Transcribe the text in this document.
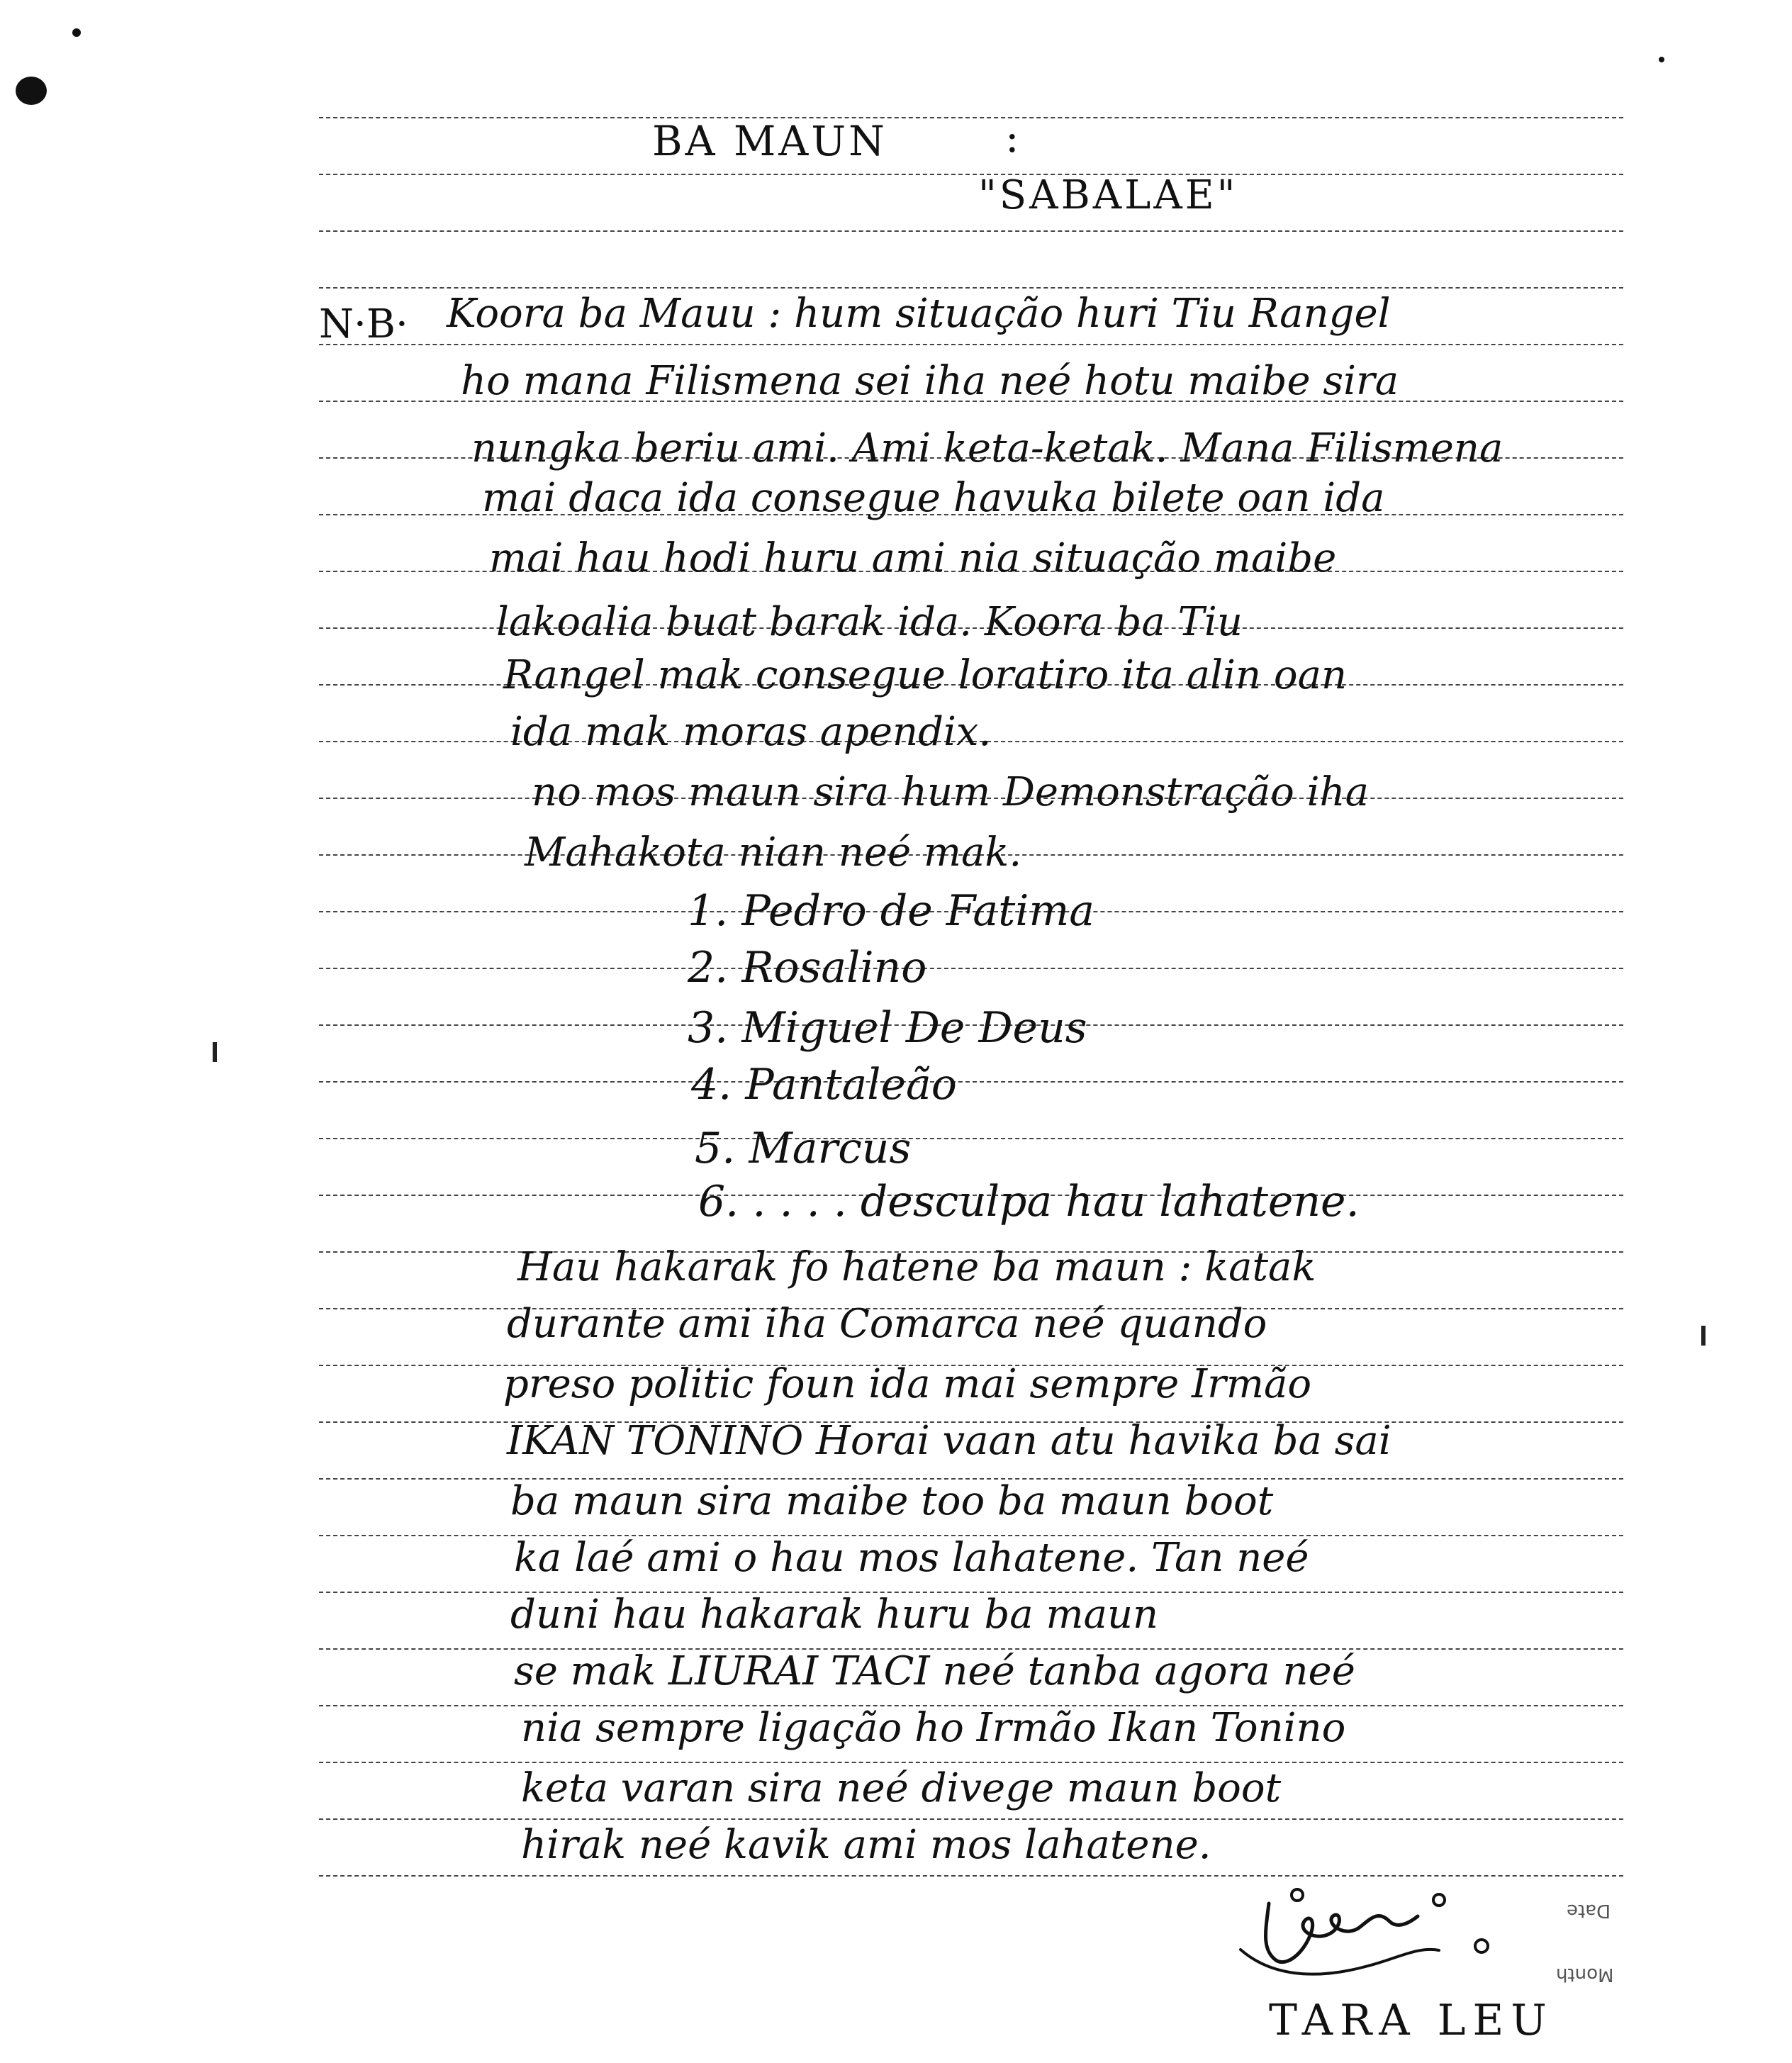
BA MAUN	:
"SABALAE"
N·B· Koora ba Mauu : hum situação huri Tiu Rangel
ho mana Filismena sei iha neé hotu maibe sira
nungka beriu ami. Ami keta-ketak. Mana Filismena
mai daca ida consegue havuka bilete oan ida
mai hau hodi huru ami nia situação maibe
lakoalia buat barak ida. Koora ba Tiu
Rangel mak consegue loratiro ita alin oan
ida mak moras apendix.
no mos maun sira hum Demonstração iha
Mahakota nian neé mak.
1. Pedro de Fatima
2. Rosalino
3. Miguel De Deus
4. Pantaleão
5. Marcus
6. . . . . desculpa hau lahatene.
Hau hakarak fo hatene ba maun : katak
durante ami iha Comarca neé quando
preso politic foun ida mai sempre Irmão
IKAN TONINO Horai vaan atu havika ba sai
ba maun sira maibe too ba maun boot
ka laé ami o hau mos lahatene. Tan neé
duni hau hakarak huru ba maun
se mak LIURAI TACI neé tanba agora neé
nia sempre ligação ho Irmão Ikan Tonino
keta varan sira neé divege maun boot
hirak neé kavik ami mos lahatene.
Date
Month
TARA LEU
